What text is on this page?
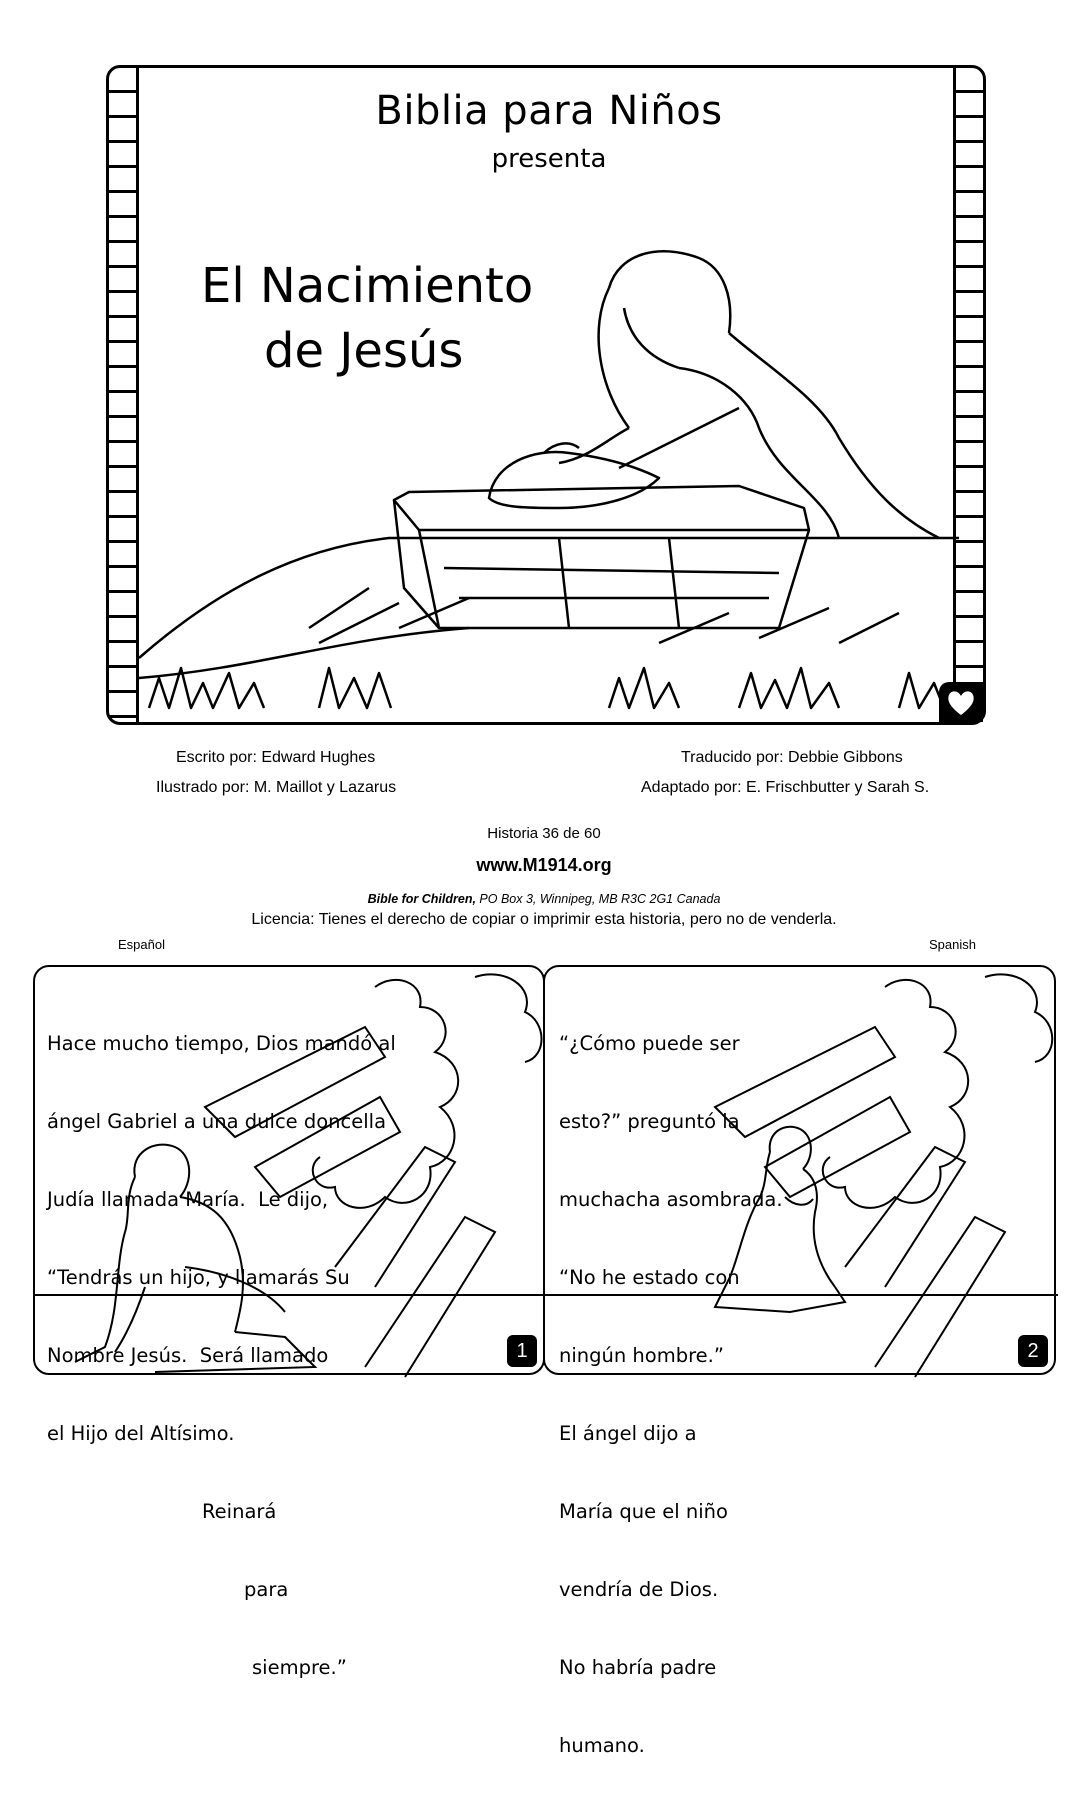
Biblia para Niños
presenta
El Nacimiento
de Jesús
Escrito por: Edward Hughes
Ilustrado por: M. Maillot y Lazarus
Traducido por: Debbie Gibbons
Adaptado por: E. Frischbutter y Sarah S.
Historia 36 de 60
www.M1914.org
Bible for Children, PO Box 3, Winnipeg, MB R3C 2G1 Canada
Licencia: Tienes el derecho de copiar o imprimir esta historia, pero no de venderla.
Español	Spanish

Hace mucho tiempo, Dios mandó al

ángel Gabriel a una dulce doncella

Judía llamada María.  Le dijo,

“Tendrás un hijo, y llamarás Su

Nombre Jesús.  Será llamado

el Hijo del Altísimo.

Reinará

para

siempre.”

1

“¿Cómo puede ser

esto?” preguntó la

muchacha asombrada.

“No he estado con

ningún hombre.”

El ángel dijo a

María que el niño

vendría de Dios.

No habría padre

humano.

2
